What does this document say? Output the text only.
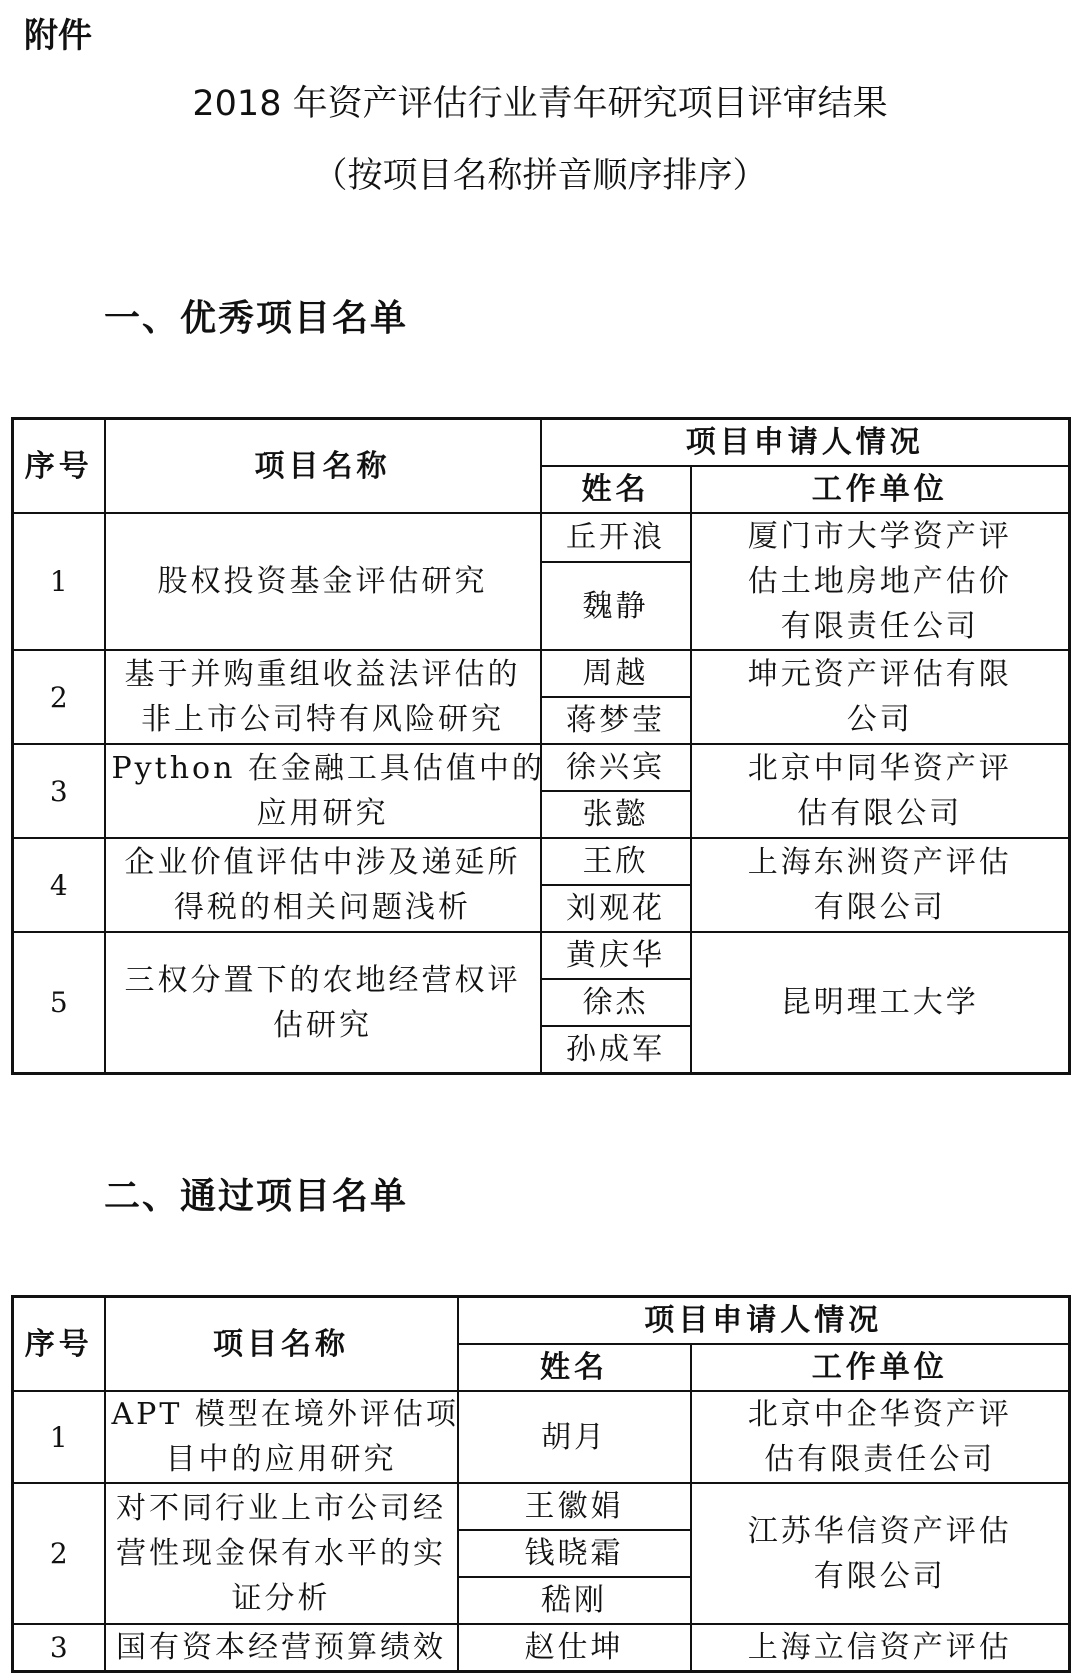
附件
2018 年资产评估行业青年研究项目评审结果
（按项目名称拼音顺序排序）
一、优秀项目名单
序号	项目名称	项目申请人情况	
		姓名	工作单位
1	股权投资基金评估研究	丘开浪	厦门市大学资产评
估土地房地产估价
有限责任公司

		魏静	
2	基于并购重组收益法评估的
非上市公司特有风险研究	周越	坤元资产评估有限
公司

		蒋梦莹	
3	Python 在金融工具估值中的
应用研究	徐兴宾	北京中同华资产评
估有限公司

		张懿	
4	企业价值评估中涉及递延所
得税的相关问题浅析	王欣	上海东洲资产评估
有限公司

		刘观花	
5	三权分置下的农地经营权评
估研究	黄庆华	昆明理工大学

		徐杰	
		孙成军	
二、通过项目名单
序号	项目名称	项目申请人情况	
		姓名	工作单位
1	APT 模型在境外评估项
目中的应用研究	胡月	北京中企华资产评
估有限责任公司

2	对不同行业上市公司经
营性现金保有水平的实
证分析	王徽娟	江苏华信资产评估
有限公司

		钱晓霜	
		嵇刚	
3	国有资本经营预算绩效	赵仕坤	上海立信资产评估
